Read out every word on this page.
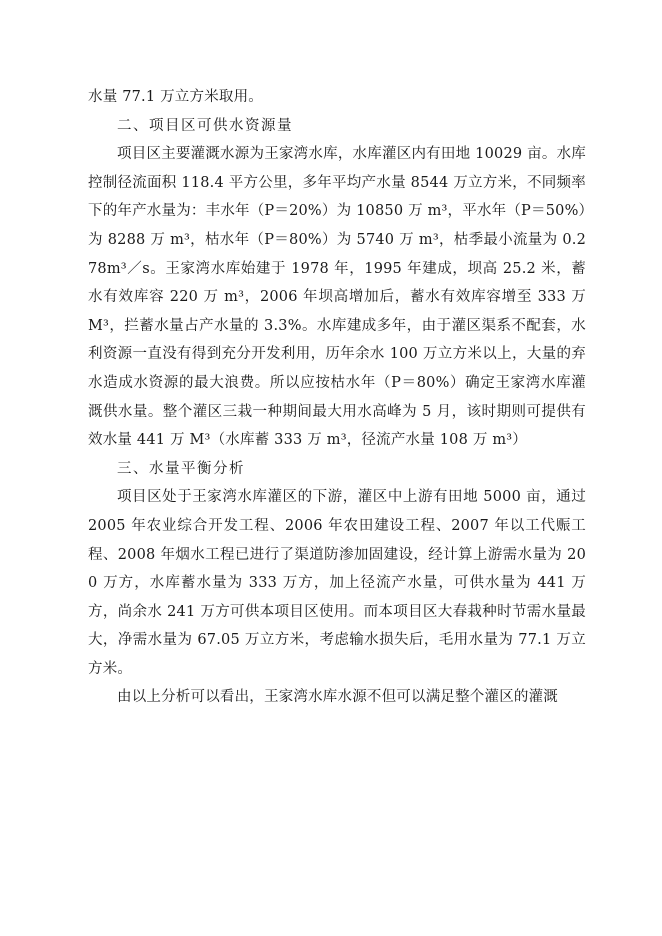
水量 77.1 万立方米取用。

二、项目区可供水资源量

项目区主要灌溉水源为王家湾水库，水库灌区内有田地 10029 亩。水库控制径流面积 118.4 平方公里，多年平均产水量 8544 万立方米，不同频率下的年产水量为：丰水年（P＝20%）为 10850 万 m³，平水年（P＝50%）为 8288 万 m³，枯水年（P＝80%）为 5740 万 m³，枯季最小流量为 0.278m³／s。王家湾水库始建于 1978 年，1995 年建成，坝高 25.2 米，蓄水有效库容 220 万 m³，2006 年坝高增加后，蓄水有效库容增至 333 万 M³，拦蓄水量占产水量的 3.3%。水库建成多年，由于灌区渠系不配套，水利资源一直没有得到充分开发利用，历年余水 100 万立方米以上，大量的弃水造成水资源的最大浪费。所以应按枯水年（P＝80%）确定王家湾水库灌溉供水量。整个灌区三栽一种期间最大用水高峰为 5 月，该时期则可提供有效水量 441 万 M³（水库蓄 333 万 m³，径流产水量 108 万 m³）

三、水量平衡分析

项目区处于王家湾水库灌区的下游，灌区中上游有田地 5000 亩，通过 2005 年农业综合开发工程、2006 年农田建设工程、2007 年以工代赈工程、2008 年烟水工程已进行了渠道防渗加固建设，经计算上游需水量为 200 万方，水库蓄水量为 333 万方，加上径流产水量，可供水量为 441 万方，尚余水 241 万方可供本项目区使用。而本项目区大春栽种时节需水量最大，净需水量为 67.05 万立方米，考虑输水损失后，毛用水量为 77.1 万立方米。

由以上分析可以看出，王家湾水库水源不但可以满足整个灌区的灌溉
